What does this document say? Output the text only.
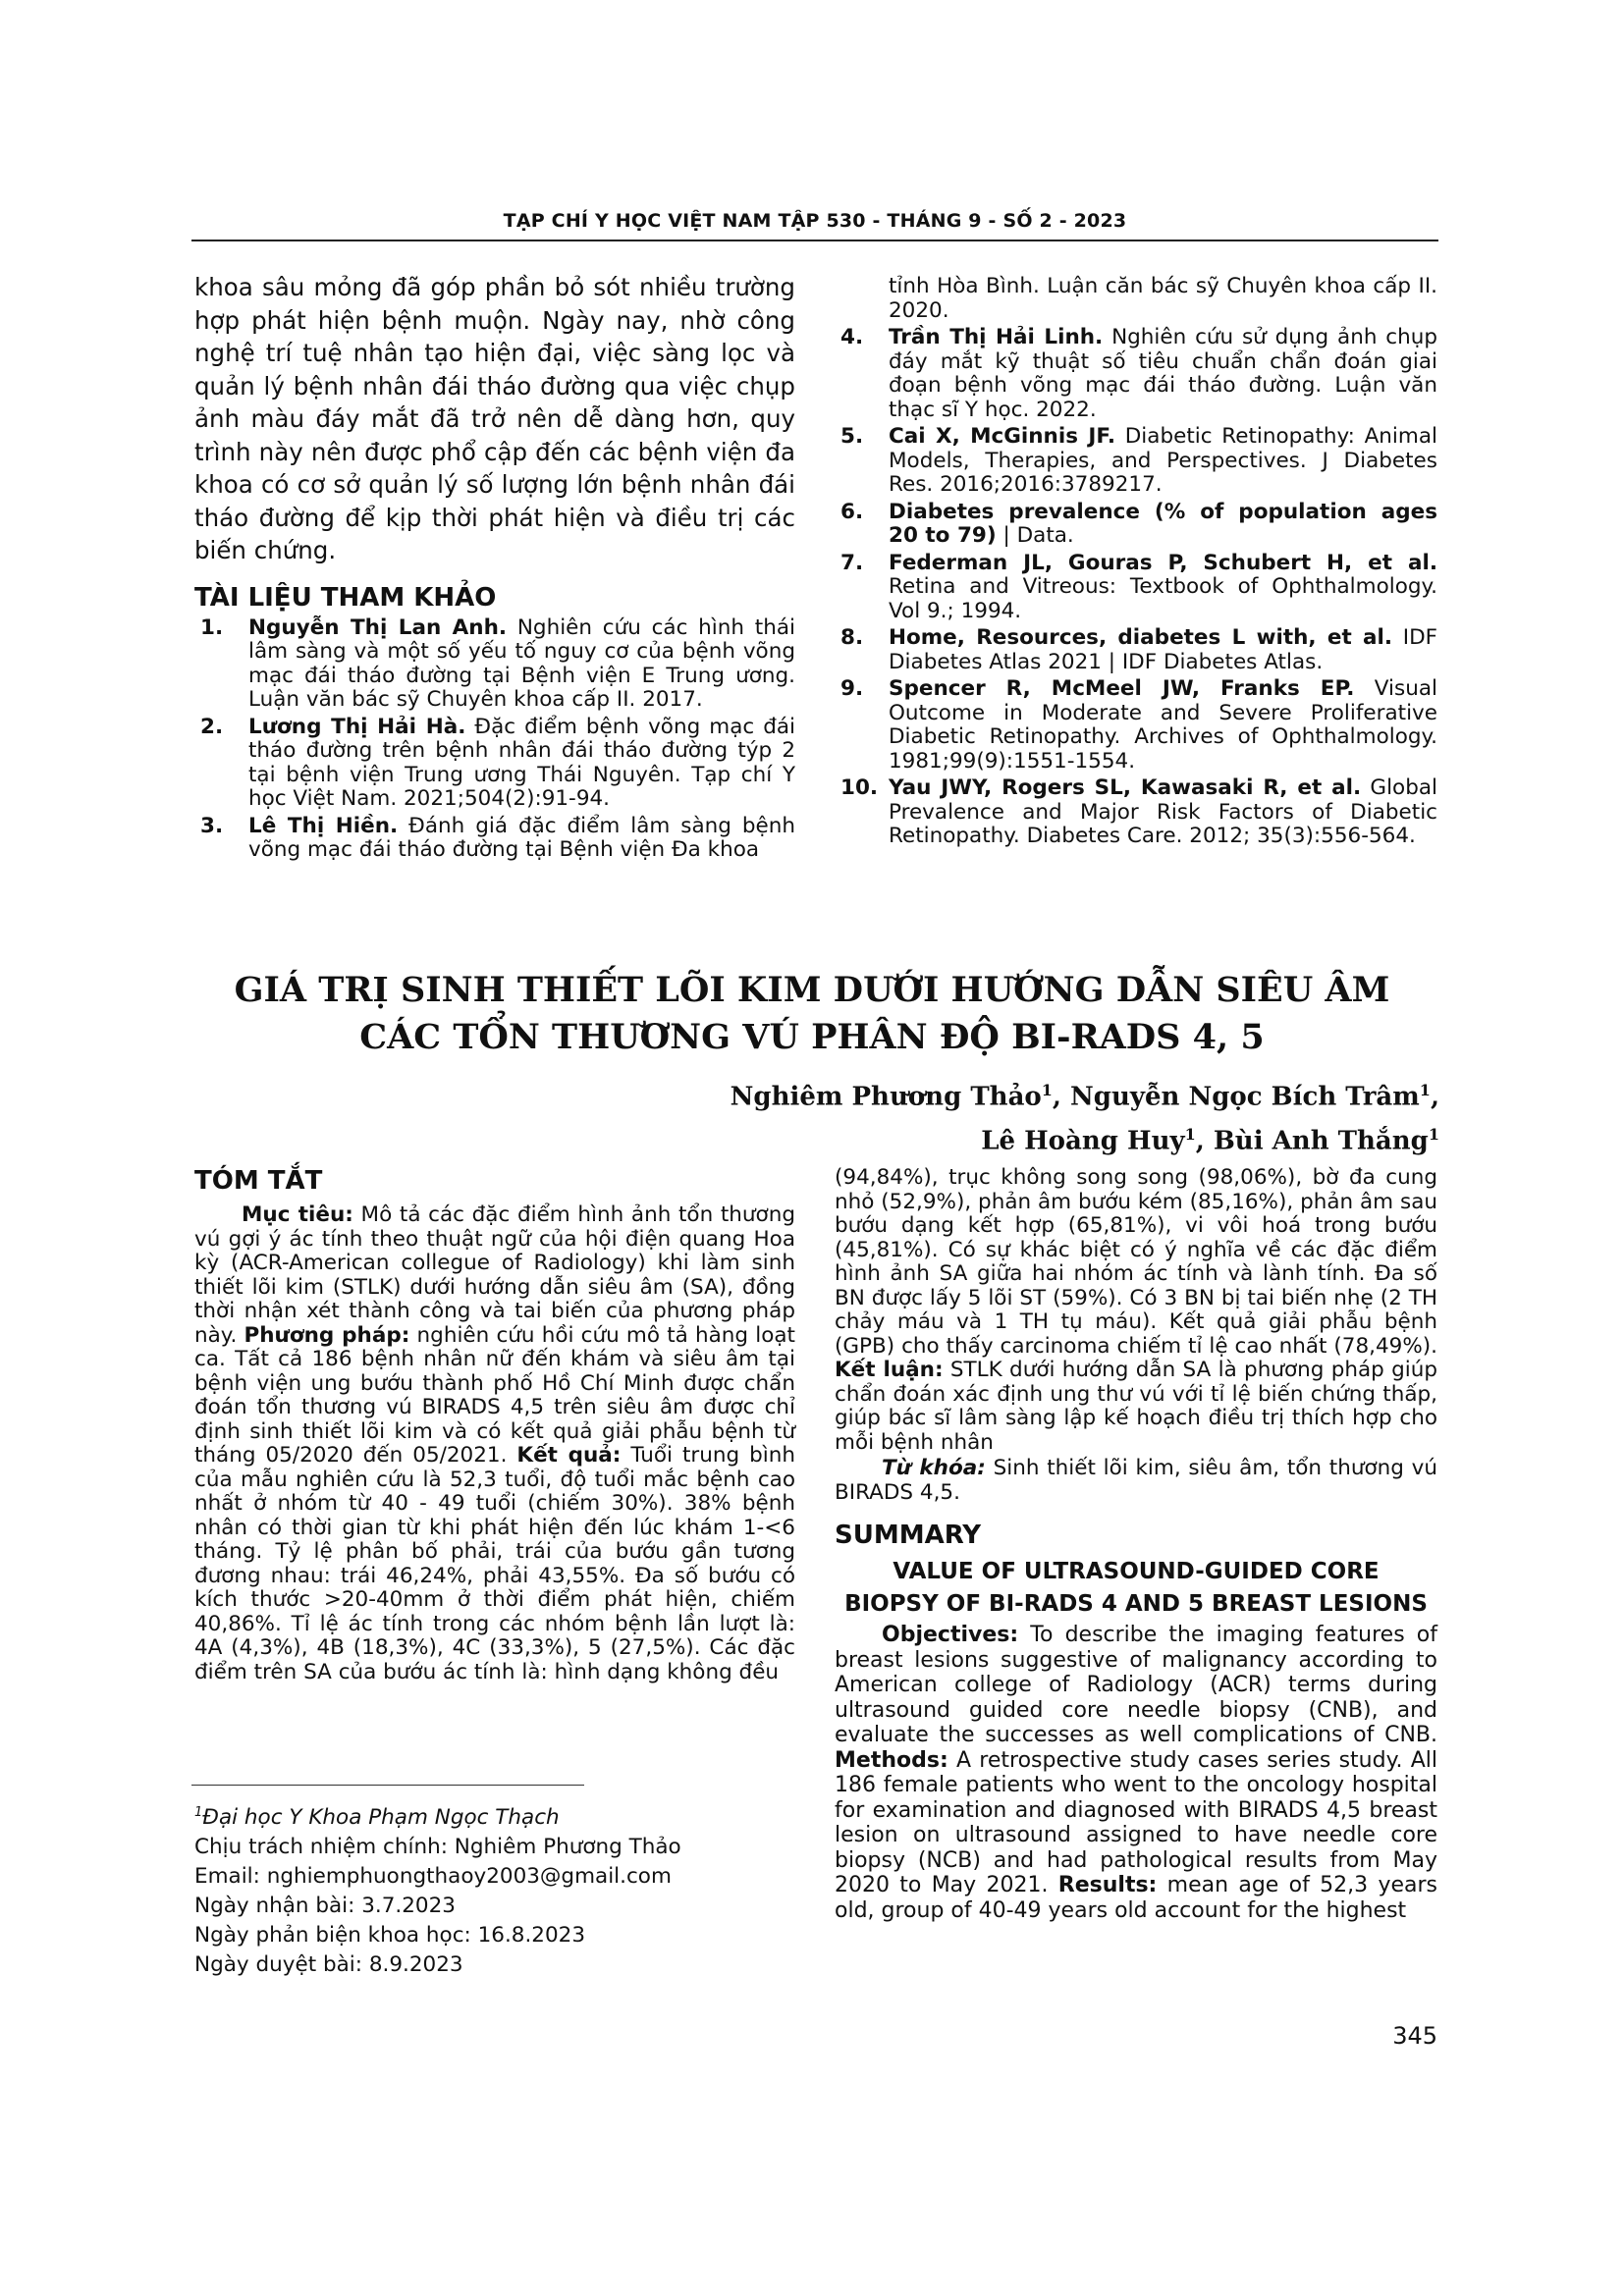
TẠP CHÍ Y HỌC VIỆT NAM TẬP 530 - THÁNG 9 - SỐ 2 - 2023

khoa sâu mỏng đã góp phần bỏ sót nhiều trường hợp phát hiện bệnh muộn. Ngày nay, nhờ công nghệ trí tuệ nhân tạo hiện đại, việc sàng lọc và quản lý bệnh nhân đái tháo đường qua việc chụp ảnh màu đáy mắt đã trở nên dễ dàng hơn, quy trình này nên được phổ cập đến các bệnh viện đa khoa có cơ sở quản lý số lượng lớn bệnh nhân đái tháo đường để kịp thời phát hiện và điều trị các biến chứng.

TÀI LIỆU THAM KHẢO
1. Nguyễn Thị Lan Anh. Nghiên cứu các hình thái lâm sàng và một số yếu tố nguy cơ của bệnh võng mạc đái tháo đường tại Bệnh viện E Trung ương. Luận văn bác sỹ Chuyên khoa cấp II. 2017.
2. Lương Thị Hải Hà. Đặc điểm bệnh võng mạc đái tháo đường trên bệnh nhân đái tháo đường týp 2 tại bệnh viện Trung ương Thái Nguyên. Tạp chí Y học Việt Nam. 2021;504(2):91-94.
3. Lê Thị Hiền. Đánh giá đặc điểm lâm sàng bệnh võng mạc đái tháo đường tại Bệnh viện Đa khoa
tỉnh Hòa Bình. Luận căn bác sỹ Chuyên khoa cấp II. 2020.
4. Trần Thị Hải Linh. Nghiên cứu sử dụng ảnh chụp đáy mắt kỹ thuật số tiêu chuẩn chẩn đoán giai đoạn bệnh võng mạc đái tháo đường. Luận văn thạc sĩ Y học. 2022.
5. Cai X, McGinnis JF. Diabetic Retinopathy: Animal Models, Therapies, and Perspectives. J Diabetes Res. 2016;2016:3789217.
6. Diabetes prevalence (% of population ages 20 to 79) | Data.
7. Federman JL, Gouras P, Schubert H, et al. Retina and Vitreous: Textbook of Ophthalmology. Vol 9.; 1994.
8. Home, Resources, diabetes L with, et al. IDF Diabetes Atlas 2021 | IDF Diabetes Atlas.
9. Spencer R, McMeel JW, Franks EP. Visual Outcome in Moderate and Severe Proliferative Diabetic Retinopathy. Archives of Ophthalmology. 1981;99(9):1551-1554.
10. Yau JWY, Rogers SL, Kawasaki R, et al. Global Prevalence and Major Risk Factors of Diabetic Retinopathy. Diabetes Care. 2012; 35(3):556-564.
GIÁ TRỊ SINH THIẾT LÕI KIM DƯỚI HƯỚNG DẪN SIÊU ÂM
CÁC TỔN THƯƠNG VÚ PHÂN ĐỘ BI-RADS 4, 5
Nghiêm Phương Thảo$^1$, Nguyễn Ngọc Bích Trâm$^1$,
Lê Hoàng Huy$^1$, Bùi Anh Thắng$^1$
TÓM TẮT

Mục tiêu: Mô tả các đặc điểm hình ảnh tổn thương vú gợi ý ác tính theo thuật ngữ của hội điện quang Hoa kỳ (ACR-American collegue of Radiology) khi làm sinh thiết lõi kim (STLK) dưới hướng dẫn siêu âm (SA), đồng thời nhận xét thành công và tai biến của phương pháp này. Phương pháp: nghiên cứu hồi cứu mô tả hàng loạt ca. Tất cả 186 bệnh nhân nữ đến khám và siêu âm tại bệnh viện ung bướu thành phố Hồ Chí Minh được chẩn đoán tổn thương vú BIRADS 4,5 trên siêu âm được chỉ định sinh thiết lõi kim và có kết quả giải phẫu bệnh từ tháng 05/2020 đến 05/2021. Kết quả: Tuổi trung bình của mẫu nghiên cứu là 52,3 tuổi, độ tuổi mắc bệnh cao nhất ở nhóm từ 40 - 49 tuổi (chiếm 30%). 38% bệnh nhân có thời gian từ khi phát hiện đến lúc khám 1-<6 tháng. Tỷ lệ phân bố phải, trái của bướu gần tương đương nhau: trái 46,24%, phải 43,55%. Đa số bướu có kích thước >20-40mm ở thời điểm phát hiện, chiếm 40,86%. Tỉ lệ ác tính trong các nhóm bệnh lần lượt là: 4A (4,3%), 4B (18,3%), 4C (33,3%), 5 (27,5%). Các đặc điểm trên SA của bướu ác tính là: hình dạng không đều

(94,84%), trục không song song (98,06%), bờ đa cung nhỏ (52,9%), phản âm bướu kém (85,16%), phản âm sau bướu dạng kết hợp (65,81%), vi vôi hoá trong bướu (45,81%). Có sự khác biệt có ý nghĩa về các đặc điểm hình ảnh SA giữa hai nhóm ác tính và lành tính. Đa số BN được lấy 5 lõi ST (59%). Có 3 BN bị tai biến nhẹ (2 TH chảy máu và 1 TH tụ máu). Kết quả giải phẫu bệnh (GPB) cho thấy carcinoma chiếm tỉ lệ cao nhất (78,49%). Kết luận: STLK dưới hướng dẫn SA là phương pháp giúp chẩn đoán xác định ung thư vú với tỉ lệ biến chứng thấp, giúp bác sĩ lâm sàng lập kế hoạch điều trị thích hợp cho mỗi bệnh nhân

Từ khóa: Sinh thiết lõi kim, siêu âm, tổn thương vú BIRADS 4,5.

SUMMARY
VALUE OF ULTRASOUND-GUIDED CORE
BIOPSY OF BI-RADS 4 AND 5 BREAST LESIONS

Objectives: To describe the imaging features of breast lesions suggestive of malignancy according to American college of Radiology (ACR) terms during ultrasound guided core needle biopsy (CNB), and evaluate the successes as well complications of CNB. Methods: A retrospective study cases series study. All 186 female patients who went to the oncology hospital for examination and diagnosed with BIRADS 4,5 breast lesion on ultrasound assigned to have needle core biopsy (NCB) and had pathological results from May 2020 to May 2021. Results: mean age of 52,3 years old, group of 40-49 years old account for the highest

$^1$Đại học Y Khoa Phạm Ngọc Thạch
Chịu trách nhiệm chính: Nghiêm Phương Thảo
Email: nghiemphuongthaoy2003@gmail.com
Ngày nhận bài: 3.7.2023
Ngày phản biện khoa học: 16.8.2023
Ngày duyệt bài: 8.9.2023
345
